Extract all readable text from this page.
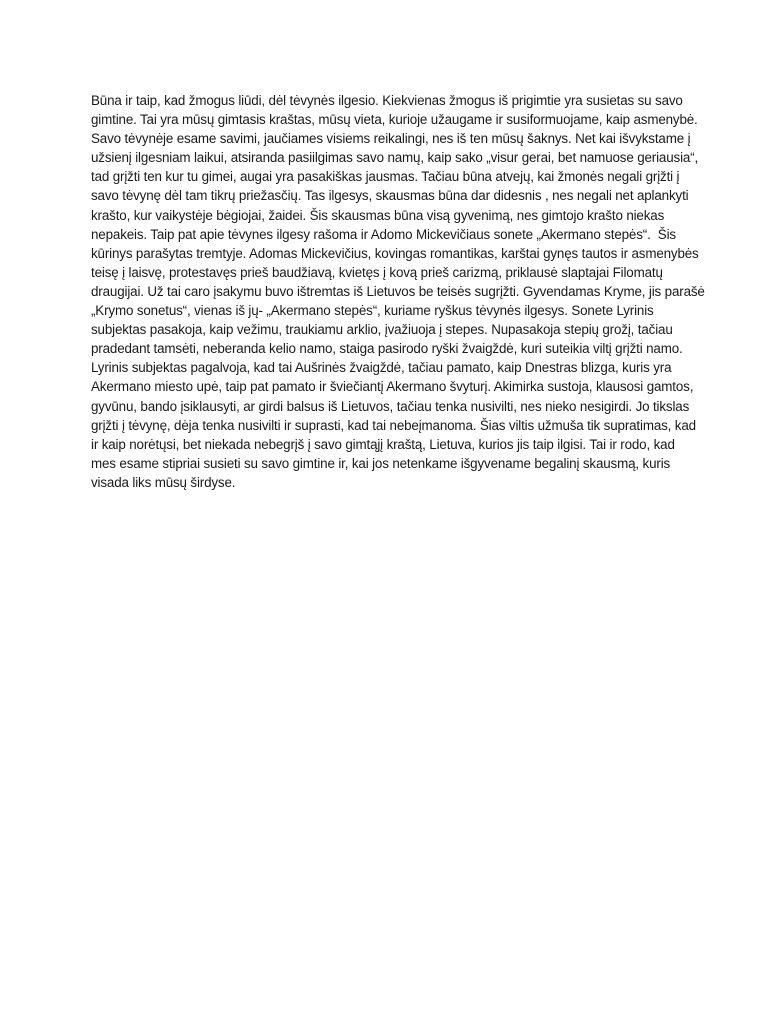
Būna ir taip, kad žmogus liūdi, dėl tėvynės ilgesio. Kiekvienas žmogus iš prigimtie yra susietas su savo
gimtine. Tai yra mūsų gimtasis kraštas, mūsų vieta, kurioje užaugame ir susiformuojame, kaip asmenybė.
Savo tėvynėje esame savimi, jaučiames visiems reikalingi, nes iš ten mūsų šaknys. Net kai išvykstame į
užsienį ilgesniam laikui, atsiranda pasiilgimas savo namų, kaip sako „visur gerai, bet namuose geriausia“,
tad grįžti ten kur tu gimei, augai yra pasakiškas jausmas. Tačiau būna atvejų, kai žmonės negali grįžti į
savo tėvynę dėl tam tikrų priežasčių. Tas ilgesys, skausmas būna dar didesnis , nes negali net aplankyti
krašto, kur vaikystėje bėgiojai, žaidei. Šis skausmas būna visą gyvenimą, nes gimtojo krašto niekas
nepakeis. Taip pat apie tėvynes ilgesy rašoma ir Adomo Mickevičiaus sonete „Akermano stepės“.  Šis
kūrinys parašytas tremtyje. Adomas Mickevičius, kovingas romantikas, karštai gynęs tautos ir asmenybės
teisę į laisvę, protestavęs prieš baudžiavą, kvietęs į kovą prieš carizmą, priklausė slaptajai Filomatų
draugijai. Už tai caro įsakymu buvo ištremtas iš Lietuvos be teisės sugrįžti. Gyvendamas Kryme, jis parašė
„Krymo sonetus“, vienas iš jų- „Akermano stepės“, kuriame ryškus tėvynės ilgesys. Sonete Lyrinis
subjektas pasakoja, kaip vežimu, traukiamu arklio, įvažiuoja į stepes. Nupasakoja stepių grožį, tačiau
pradedant tamsėti, neberanda kelio namo, staiga pasirodo ryški žvaigždė, kuri suteikia viltį grįžti namo.
Lyrinis subjektas pagalvoja, kad tai Aušrinės žvaigždė, tačiau pamato, kaip Dnestras blizga, kuris yra
Akermano miesto upė, taip pat pamato ir šviečiantį Akermano švyturį. Akimirka sustoja, klausosi gamtos,
gyvūnu, bando įsiklausyti, ar girdi balsus iš Lietuvos, tačiau tenka nusivilti, nes nieko nesigirdi. Jo tikslas
grįžti į tėvynę, dėja tenka nusivilti ir suprasti, kad tai nebeįmanoma. Šias viltis užmuša tik supratimas, kad
ir kaip norėtųsi, bet niekada nebegrįš į savo gimtąjį kraštą, Lietuva, kurios jis taip ilgisi. Tai ir rodo, kad
mes esame stipriai susieti su savo gimtine ir, kai jos netenkame išgyvename begalinį skausmą, kuris
visada liks mūsų širdyse.
